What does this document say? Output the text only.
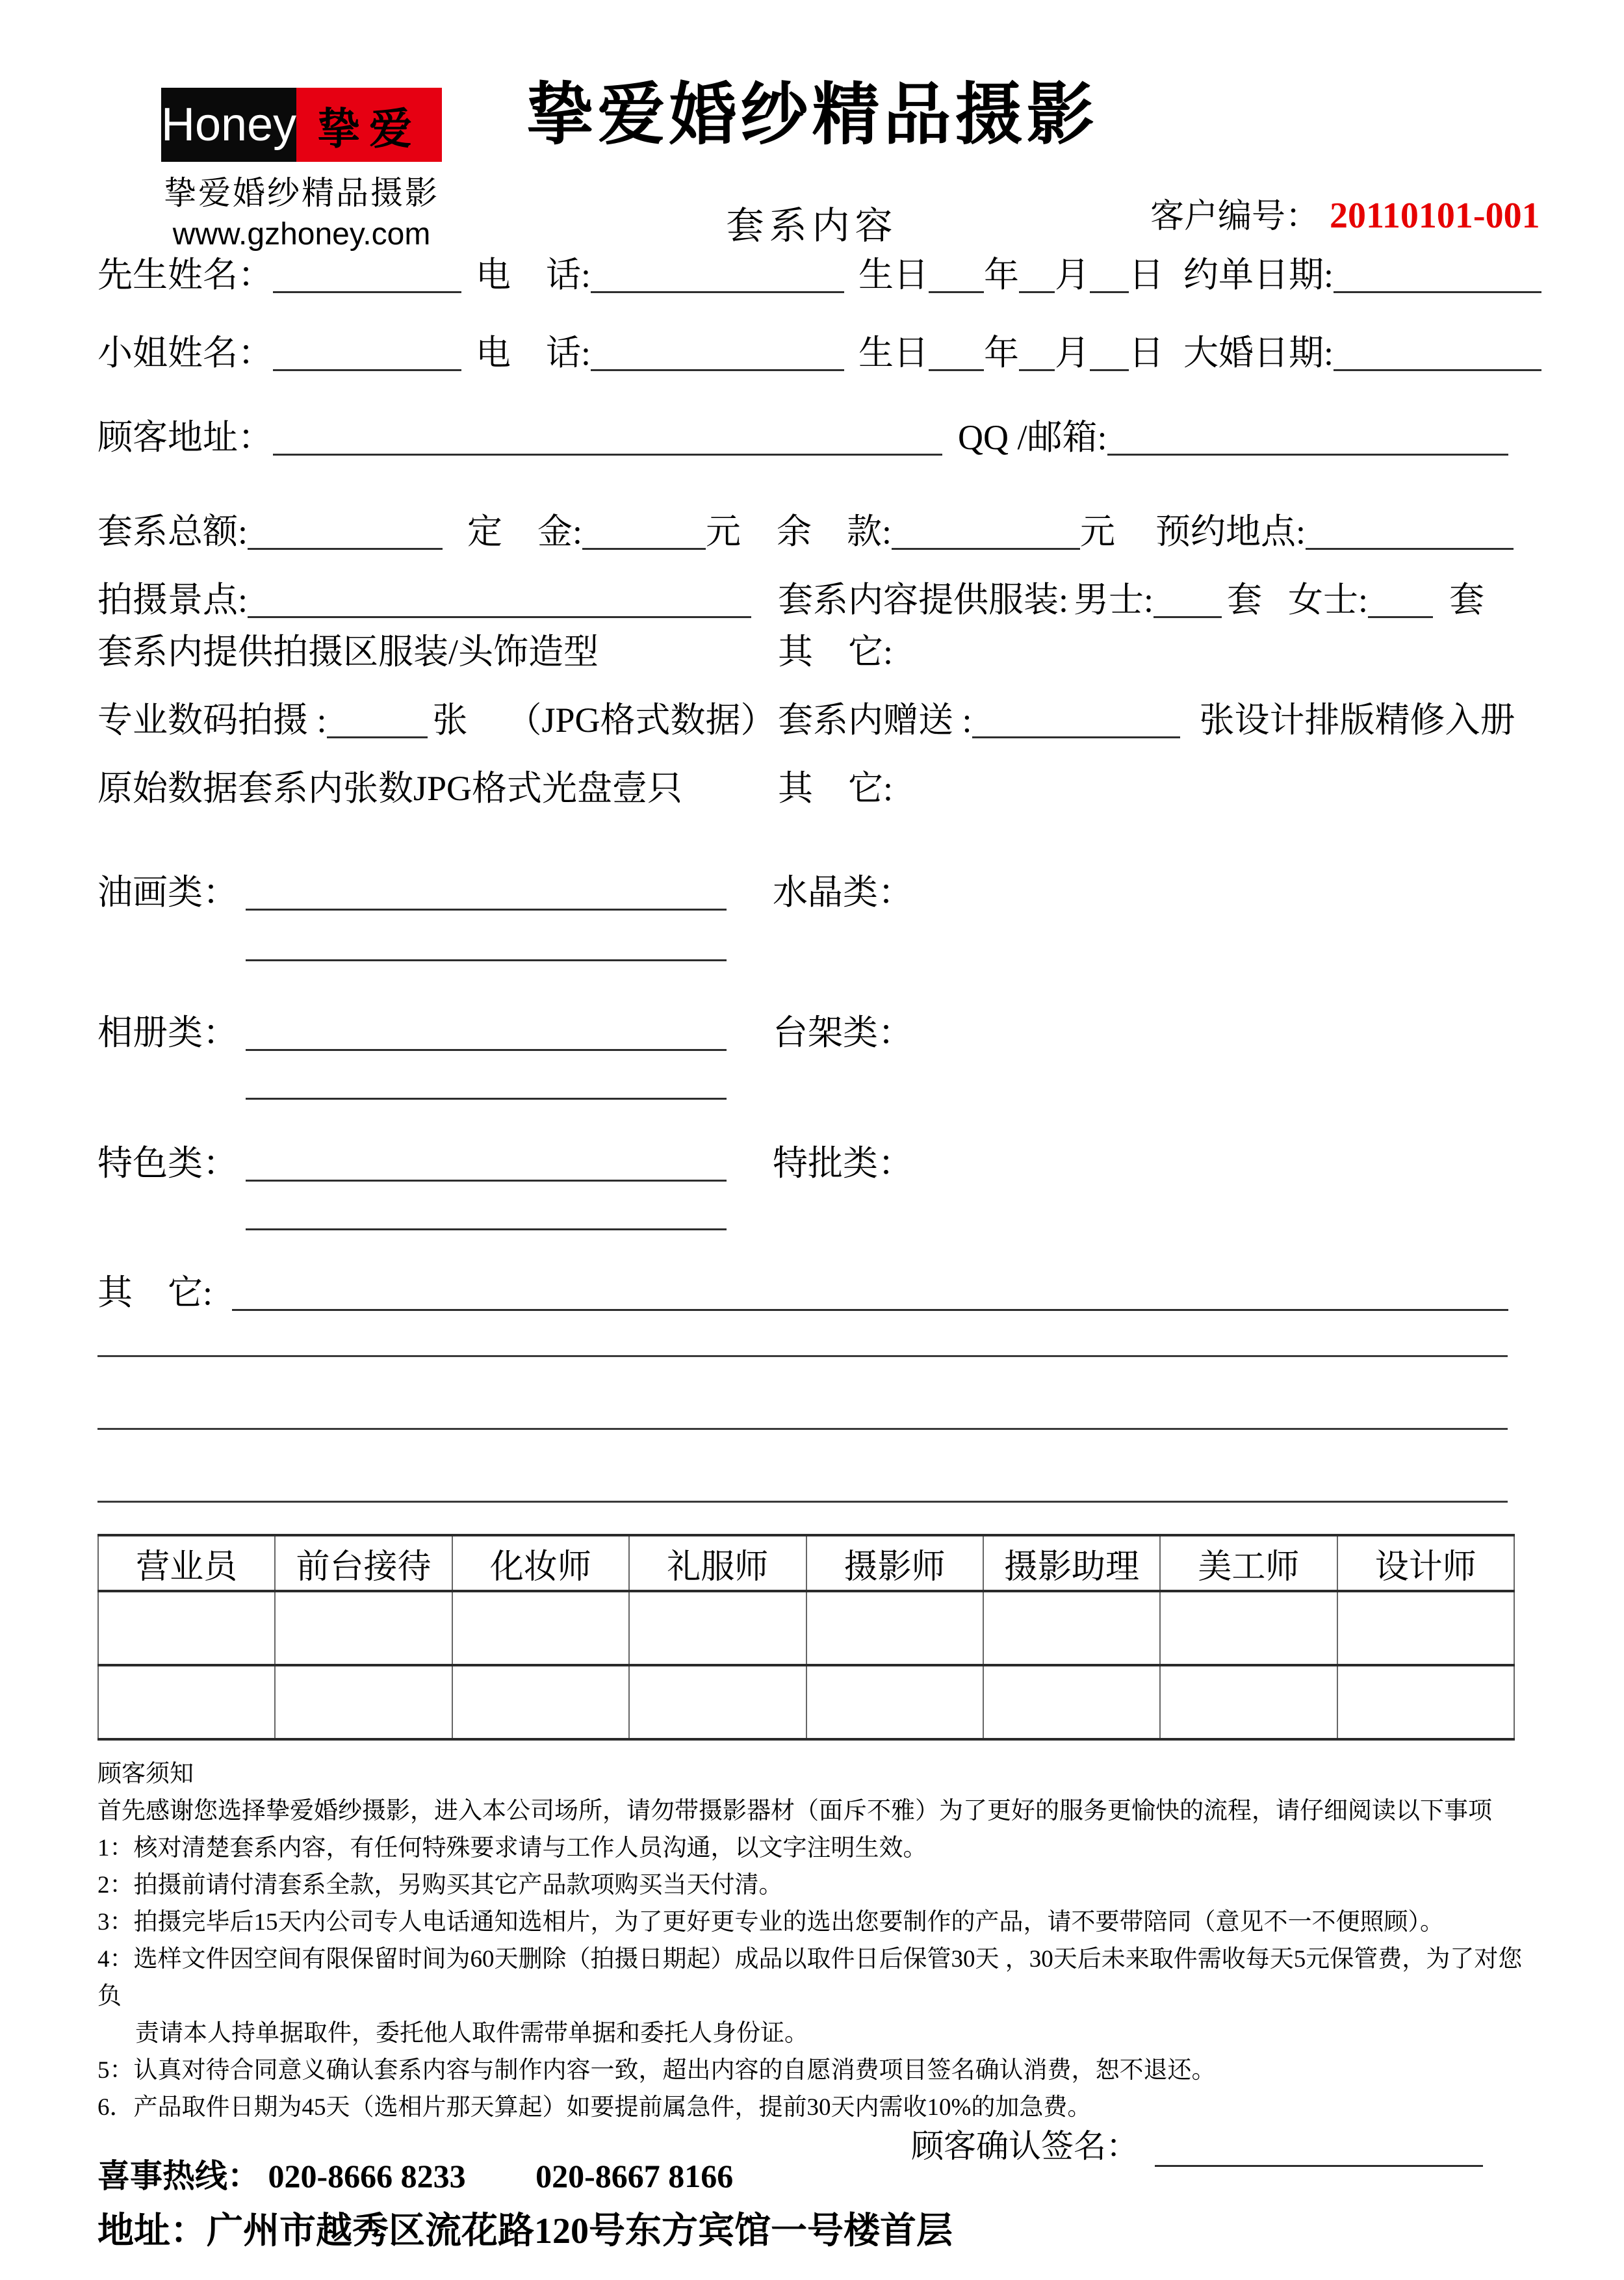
Honey 挚爱
挚爱婚纱精品摄影
www.gzhoney.com
挚爱婚纱精品摄影
套系内容	客户编号： 20110101-001
先生姓名：	电　话:	生日 年 月 日 约单日期:
小姐姓名：	电　话:	生日 年 月 日 大婚日期:
顾客地址：	QQ /邮箱:
套系总额:	定　金:	元 余　款:	元 预约地点:
拍摄景点:	套系内容提供服装: 男士: 套 女士: 套
套系内提供拍摄区服装/头饰造型	其　它:
专业数码拍摄 :	张 （JPG格式数据） 套系内赠送 :	张设计排版精修入册
原始数据套系内张数JPG格式光盘壹只	其　它:
油画类：	水晶类：
相册类：	台架类：
特色类：	特批类：
其　它:
营业员	前台接待	化妆师	礼服师	摄影师	摄影助理	美工师	设计师

顾客须知
首先感谢您选择挚爱婚纱摄影，进入本公司场所，请勿带摄影器材（面斥不雅）为了更好的服务更愉快的流程，请仔细阅读以下事项
1：核对清楚套系内容，有任何特殊要求请与工作人员沟通，以文字注明生效。
2：拍摄前请付清套系全款，另购买其它产品款项购买当天付清。
3：拍摄完毕后15天内公司专人电话通知选相片，为了更好更专业的选出您要制作的产品，请不要带陪同（意见不一不便照顾）。
4：选样文件因空间有限保留时间为60天删除（拍摄日期起）成品以取件日后保管30天 ，30天后未来取件需收每天5元保管费，为了对您负
责请本人持单据取件，委托他人取件需带单据和委托人身份证。
5：认真对待合同意义确认套系内容与制作内容一致，超出内容的自愿消费项目签名确认消费，恕不退还。
6．产品取件日期为45天（选相片那天算起）如要提前属急件，提前30天内需收10%的加急费。
顾客确认签名：
喜事热线： 020-8666 8233 020-8667 8166
地址：广州市越秀区流花路120号东方宾馆一号楼首层
